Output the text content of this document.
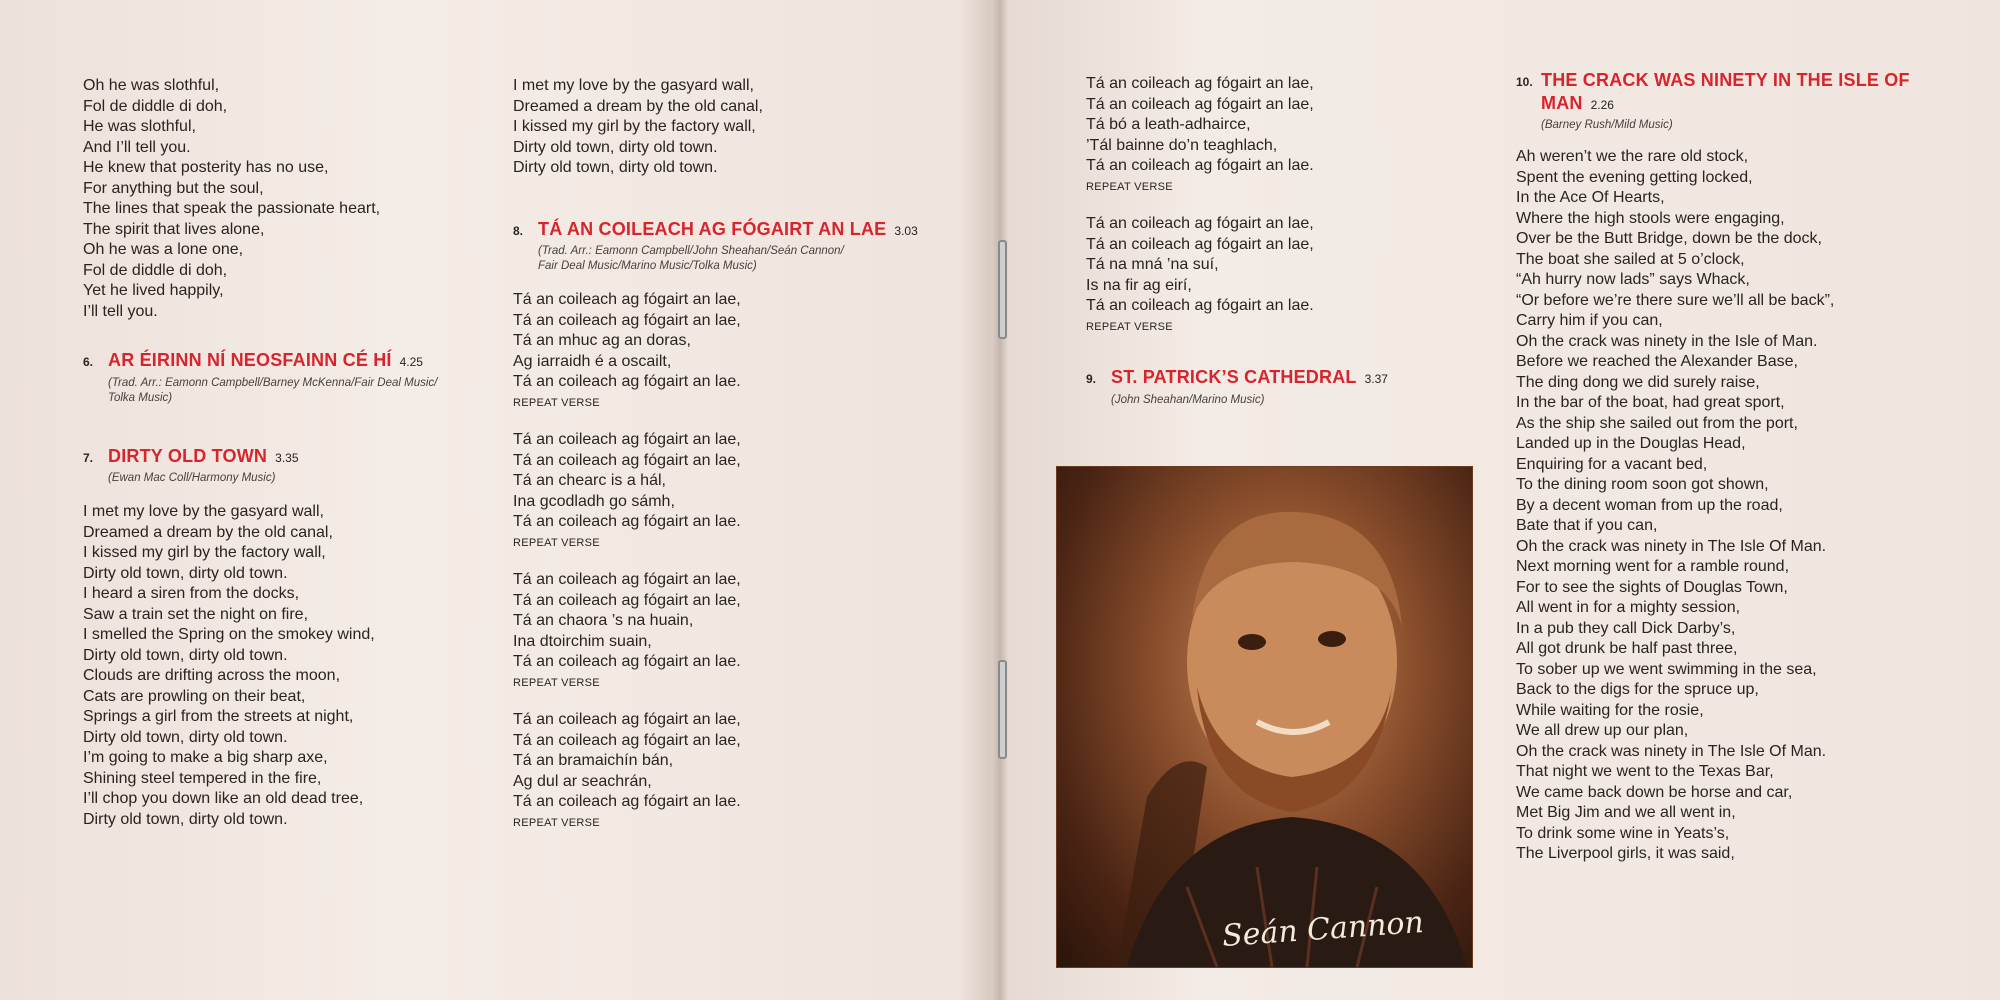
Oh he was slothful,
Fol de diddle di doh,
He was slothful,
And I’ll tell you.

He knew that posterity has no use,
For anything but the soul,
The lines that speak the passionate heart,
The spirit that lives alone,
Oh he was a lone one,
Fol de diddle di doh,
Yet he lived happily,
I’ll tell you.

6. AR ÉIRINN NÍ NEOSFAINN CÉ HÍ 4.25
(Trad. Arr.: Eamonn Campbell/Barney McKenna/Fair Deal Music/
Tolka Music)
7. DIRTY OLD TOWN 3.35
(Ewan Mac Coll/Harmony Music)

I met my love by the gasyard wall,
Dreamed a dream by the old canal,
I kissed my girl by the factory wall,
Dirty old town, dirty old town.

I heard a siren from the docks,
Saw a train set the night on fire,
I smelled the Spring on the smokey wind,
Dirty old town, dirty old town.

Clouds are drifting across the moon,
Cats are prowling on their beat,
Springs a girl from the streets at night,
Dirty old town, dirty old town.

I’m going to make a big sharp axe,
Shining steel tempered in the fire,
I’ll chop you down like an old dead tree,
Dirty old town, dirty old town.

I met my love by the gasyard wall,
Dreamed a dream by the old canal,
I kissed my girl by the factory wall,
Dirty old town, dirty old town.
Dirty old town, dirty old town.

8. TÁ AN COILEACH AG FÓGAIRT AN LAE 3.03
(Trad. Arr.: Eamonn Campbell/John Sheahan/Seán Cannon/
Fair Deal Music/Marino Music/Tolka Music)

Tá an coileach ag fógairt an lae,
Tá an coileach ag fógairt an lae,
Tá an mhuc ag an doras,
Ag iarraidh é a oscailt,
Tá an coileach ag fógairt an lae.

REPEAT VERSE

Tá an coileach ag fógairt an lae,
Tá an coileach ag fógairt an lae,
Tá an chearc is a hál,
Ina gcodladh go sámh,
Tá an coileach ag fógairt an lae.

REPEAT VERSE

Tá an coileach ag fógairt an lae,
Tá an coileach ag fógairt an lae,
Tá an chaora ’s na huain,
Ina dtoirchim suain,
Tá an coileach ag fógairt an lae.

REPEAT VERSE

Tá an coileach ag fógairt an lae,
Tá an coileach ag fógairt an lae,
Tá an bramaichín bán,
Ag dul ar seachrán,
Tá an coileach ag fógairt an lae.

REPEAT VERSE

Tá an coileach ag fógairt an lae,
Tá an coileach ag fógairt an lae,
Tá bó a leath-adhairce,
’Tál bainne do’n teaghlach,
Tá an coileach ag fógairt an lae.

REPEAT VERSE

Tá an coileach ag fógairt an lae,
Tá an coileach ag fógairt an lae,
Tá na mná ’na suí,
Is na fir ag eirí,
Tá an coileach ag fógairt an lae.

REPEAT VERSE
9. ST. PATRICK’S CATHEDRAL 3.37
(John Sheahan/Marino Music)
Seán Cannon
10. THE CRACK WAS NINETY IN THE ISLE OF
MAN 2.26
(Barney Rush/Mild Music)

Ah weren’t we the rare old stock,
Spent the evening getting locked,
In the Ace Of Hearts,
Where the high stools were engaging,
Over be the Butt Bridge, down be the dock,
The boat she sailed at 5 o’clock,
“Ah hurry now lads” says Whack,
“Or before we’re there sure we’ll all be back”,
Carry him if you can,
Oh the crack was ninety in the Isle of Man.

Before we reached the Alexander Base,
The ding dong we did surely raise,
In the bar of the boat, had great sport,
As the ship she sailed out from the port,
Landed up in the Douglas Head,
Enquiring for a vacant bed,
To the dining room soon got shown,
By a decent woman from up the road,
Bate that if you can,
Oh the crack was ninety in The Isle Of Man.

Next morning went for a ramble round,
For to see the sights of Douglas Town,
All went in for a mighty session,
In a pub they call Dick Darby’s,
All got drunk be half past three,
To sober up we went swimming in the sea,
Back to the digs for the spruce up,
While waiting for the rosie,
We all drew up our plan,
Oh the crack was ninety in The Isle Of Man.

That night we went to the Texas Bar,
We came back down be horse and car,
Met Big Jim and we all went in,
To drink some wine in Yeats’s,
The Liverpool girls, it was said,
